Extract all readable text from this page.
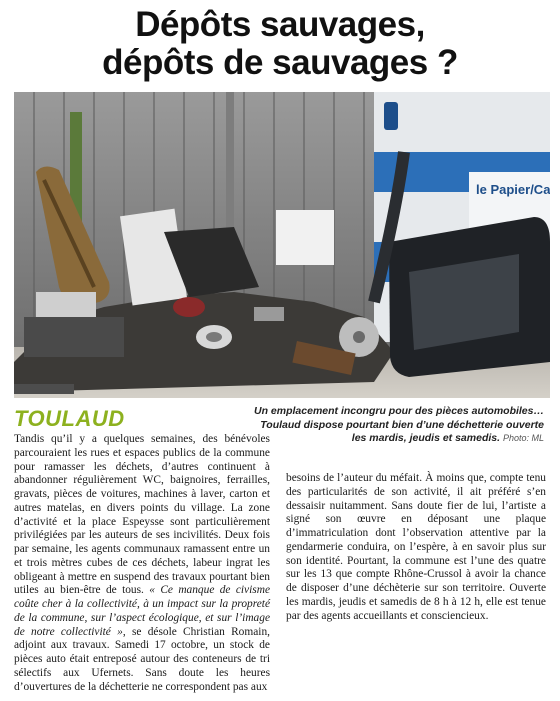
Dépôts sauvages,
dépôts de sauvages ?
le Papier/Ca
TOULAUD	Un emplacement incongru pour des pièces automobiles… Toulaud dispose pourtant bien d’une déchetterie ouverte les mardis, jeudis et samedis. Photo: ML

Tandis qu’il y a quelques semaines, des bénévoles parcouraient les rues et espaces publics de la commune pour ramasser les déchets, d’autres continuent à abandonner régulièrement WC, baignoires, ferrailles, gravats, pièces de voitures, machines à laver, carton et autres matelas, en divers points du village. La zone d’activité et la place Espeysse sont particulièrement privilégiées par les auteurs de ses incivilités. Deux fois par semaine, les agents communaux ramassent entre un et trois mètres cubes de ces déchets, labeur ingrat les obligeant à mettre en suspend des travaux pourtant bien utiles au bien-être de tous. « Ce manque de civisme coûte cher à la collectivité, à un impact sur la propreté de la commune, sur l’aspect écologique, et sur l’image de notre collectivité », se désole Christian Romain, adjoint aux travaux. Samedi 17 octobre, un stock de pièces auto était entreposé autour des conteneurs de tri sélectifs aux Ufernets. Sans doute les heures d’ouvertures de la déchetterie ne correspondent pas aux

besoins de l’auteur du méfait. À moins que, compte tenu des particularités de son activité, il ait préféré s’en dessaisir nuitamment. Sans doute fier de lui, l’artiste a signé son œuvre en déposant une plaque d’immatriculation dont l’observation attentive par la gendarmerie conduira, on l’espère, à en savoir plus sur son identité. Pourtant, la commune est l’une des quatre sur les 13 que compte Rhône-Crussol à avoir la chance de disposer d’une déchèterie sur son territoire. Ouverte les mardis, jeudis et samedis de 8 h à 12 h, elle est tenue par des agents accueillants et consciencieux.
